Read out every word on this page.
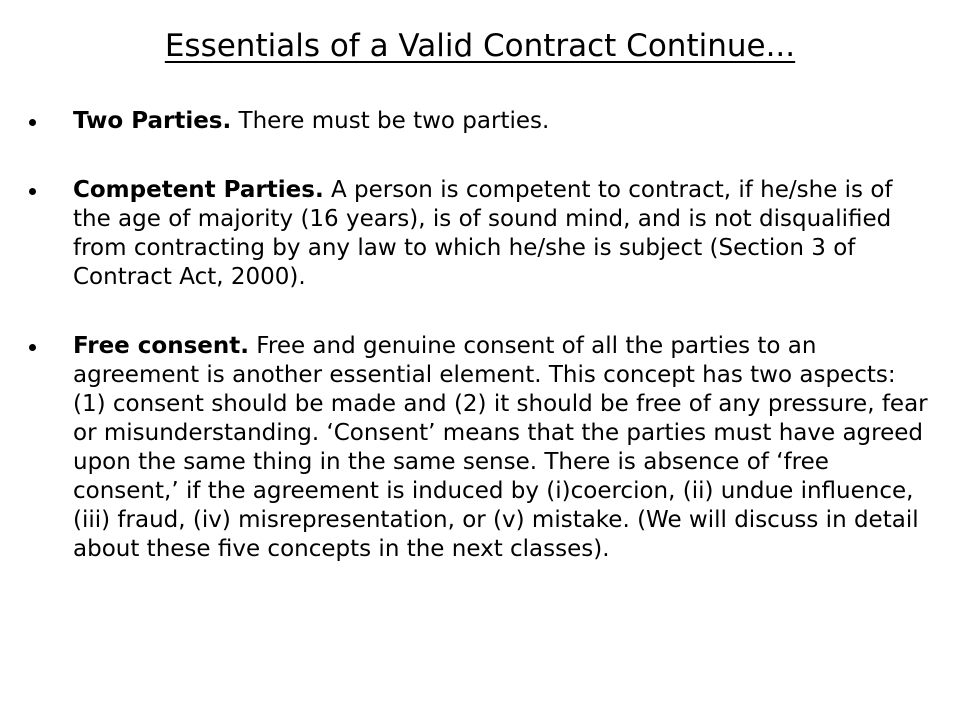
Essentials of a Valid Contract Continue...
Two Parties. There must be two parties.
Competent Parties. A person is competent to contract, if he/she is of the age of majority (16 years), is of sound mind, and is not disqualified from contracting by any law to which he/she is subject (Section 3 of Contract Act, 2000).
Free consent. Free and genuine consent of all the parties to an agreement is another essential element. This concept has two aspects: (1) consent should be made and (2) it should be free of any pressure, fear or misunderstanding. ‘Consent’ means that the parties must have agreed upon the same thing in the same sense. There is absence of ‘free consent,’ if the agreement is induced by (i)coercion, (ii) undue influence, (iii) fraud, (iv) misrepresentation, or (v) mistake. (We will discuss in detail about these five concepts in the next classes).
